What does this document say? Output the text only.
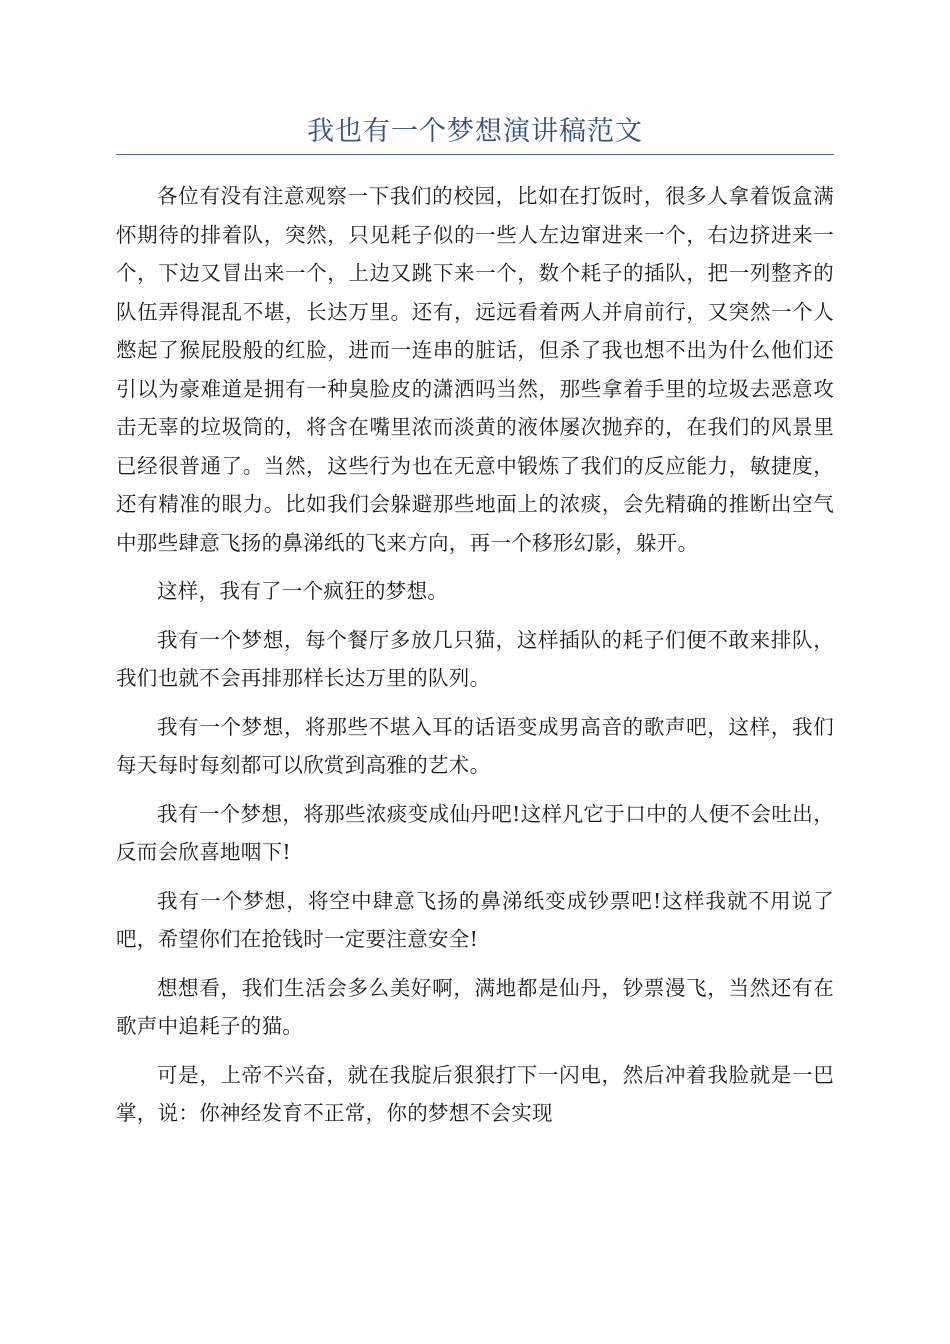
我也有一个梦想演讲稿范文

各位有没有注意观察一下我们的校园，比如在打饭时，很多人拿着饭盒满怀期待的排着队，突然，只见耗子似的一些人左边窜进来一个，右边挤进来一个，下边又冒出来一个，上边又跳下来一个，数个耗子的插队，把一列整齐的队伍弄得混乱不堪，长达万里。还有，远远看着两人并肩前行，又突然一个人憋起了猴屁股般的红脸，进而一连串的脏话，但杀了我也想不出为什么他们还引以为豪难道是拥有一种臭脸皮的潇洒吗当然，那些拿着手里的垃圾去恶意攻击无辜的垃圾筒的，将含在嘴里浓而淡黄的液体屡次抛弃的，在我们的风景里已经很普通了。当然，这些行为也在无意中锻炼了我们的反应能力，敏捷度，还有精准的眼力。比如我们会躲避那些地面上的浓痰，会先精确的推断出空气中那些肆意飞扬的鼻涕纸的飞来方向，再一个移形幻影，躲开。

这样，我有了一个疯狂的梦想。

我有一个梦想，每个餐厅多放几只猫，这样插队的耗子们便不敢来排队，我们也就不会再排那样长达万里的队列。

我有一个梦想，将那些不堪入耳的话语变成男高音的歌声吧，这样，我们每天每时每刻都可以欣赏到高雅的艺术。

我有一个梦想，将那些浓痰变成仙丹吧!这样凡它于口中的人便不会吐出，反而会欣喜地咽下!

我有一个梦想，将空中肆意飞扬的鼻涕纸变成钞票吧!这样我就不用说了吧，希望你们在抢钱时一定要注意安全!

想想看，我们生活会多么美好啊，满地都是仙丹，钞票漫飞，当然还有在歌声中追耗子的猫。

可是，上帝不兴奋，就在我腚后狠狠打下一闪电，然后冲着我脸就是一巴掌，说：你神经发育不正常，你的梦想不会实现
